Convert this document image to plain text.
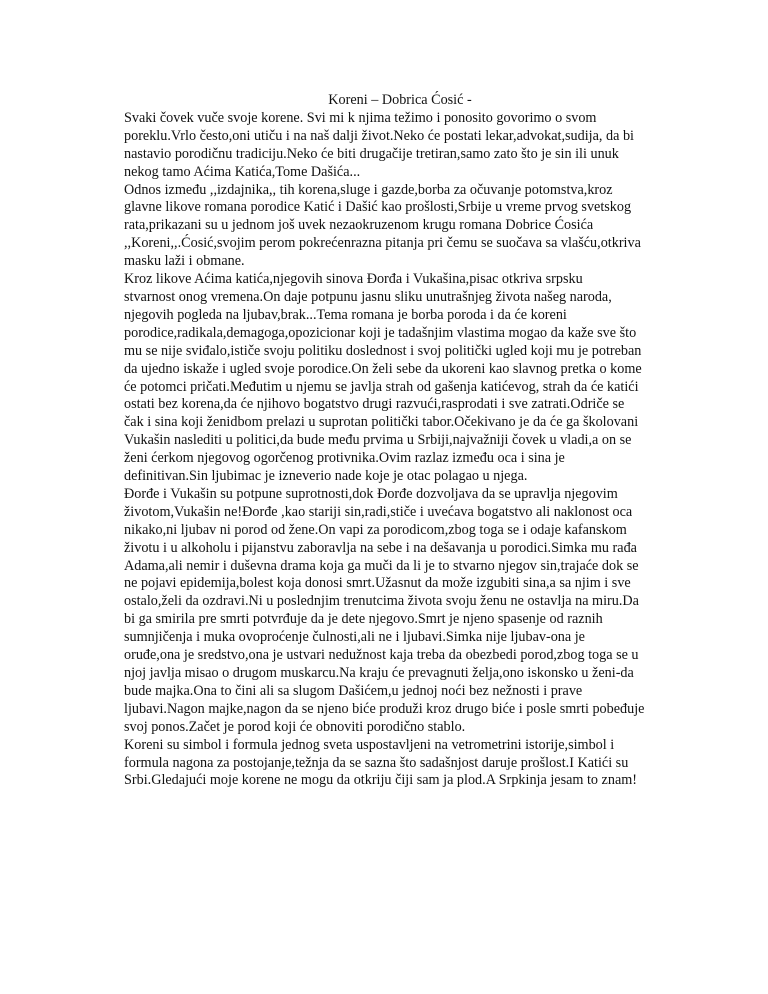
Koreni – Dobrica Ćosić -

Svaki čovek vuče svoje korene. Svi mi k njima težimo i ponosito govorimo o svom
poreklu.Vrlo često,oni utiču i na naš dalji život.Neko će postati lekar,advokat,sudija, da bi
nastavio porodičnu tradiciju.Neko će biti drugačije tretiran,samo zato što je sin ili unuk
nekog tamo Aćima Katića,Tome Dašića...

Odnos između ,,izdajnika,, tih korena,sluge i gazde,borba za očuvanje potomstva,kroz
glavne likove romana porodice Katić i Dašić kao prošlosti,Srbije u vreme prvog svetskog
rata,prikazani su u jednom još uvek nezaokruzenom krugu romana Dobrice Ćosića
,,Koreni,,.Ćosić,svojim perom pokrećenrazna pitanja pri čemu se suočava sa vlašću,otkriva
masku laži i obmane.

Kroz likove Aćima katića,njegovih sinova Đorđa i Vukašina,pisac otkriva srpsku
stvarnost onog vremena.On daje potpunu jasnu sliku unutrašnjeg života našeg naroda,
njegovih pogleda na ljubav,brak...Tema romana je borba poroda i da će koreni
porodice,radikala,demagoga,opozicionar koji je tadašnjim vlastima mogao da kaže sve što
mu se nije sviđalo,ističe svoju politiku doslednost i svoj politički ugled koji mu je potreban
da ujedno iskaže i ugled svoje porodice.On želi sebe da ukoreni kao slavnog pretka o kome
će potomci pričati.Međutim u njemu se javlja strah od gašenja katićevog, strah da će katići
ostati bez korena,da će njihovo bogatstvo drugi razvući,rasprodati i sve zatrati.Odriče se
čak i sina koji ženidbom prelazi u suprotan politički tabor.Očekivano je da će ga školovani
Vukašin naslediti u politici,da bude među prvima u Srbiji,najvažniji čovek u vladi,a on se
ženi ćerkom njegovog ogorčenog protivnika.Ovim razlaz između oca i sina je
definitivan.Sin ljubimac je izneverio nade koje je otac polagao u njega.

Đorđe i Vukašin su potpune suprotnosti,dok Đorđe dozvoljava da se upravlja njegovim
životom,Vukašin ne!Đorđe ,kao stariji sin,radi,stiče i uvećava bogatstvo ali naklonost oca
nikako,ni ljubav ni porod od žene.On vapi za porodicom,zbog toga se i odaje kafanskom
životu i u alkoholu i pijanstvu zaboravlja na sebe i na dešavanja u porodici.Simka mu rađa
Adama,ali nemir i duševna drama koja ga muči da li je to stvarno njegov sin,trajaće dok se
ne pojavi epidemija,bolest koja donosi smrt.Užasnut da može izgubiti sina,a sa njim i sve
ostalo,želi da ozdravi.Ni u poslednjim trenutcima života svoju ženu ne ostavlja na miru.Da
bi ga smirila pre smrti potvrđuje da je dete njegovo.Smrt je njeno spasenje od raznih
sumnjičenja i muka ovoproćenje čulnosti,ali ne i ljubavi.Simka nije ljubav-ona je
oruđe,ona je sredstvo,ona je ustvari nedužnost kaja treba da obezbedi porod,zbog toga se u
njoj javlja misao o drugom muskarcu.Na kraju će prevagnuti želja,ono iskonsko u ženi-da
bude majka.Ona to čini ali sa slugom Dašićem,u jednoj noći bez nežnosti i prave
ljubavi.Nagon majke,nagon da se njeno biće produži kroz drugo biće i posle smrti pobeđuje
svoj ponos.Začet je porod koji će obnoviti porodično stablo.

Koreni su simbol i formula jednog sveta uspostavljeni na vetrometrini istorije,simbol i
formula nagona za postojanje,težnja da se sazna što sadašnjost daruje prošlost.I Katići su
Srbi.Gledajući moje korene ne mogu da otkriju čiji sam ja plod.A Srpkinja jesam to znam!
